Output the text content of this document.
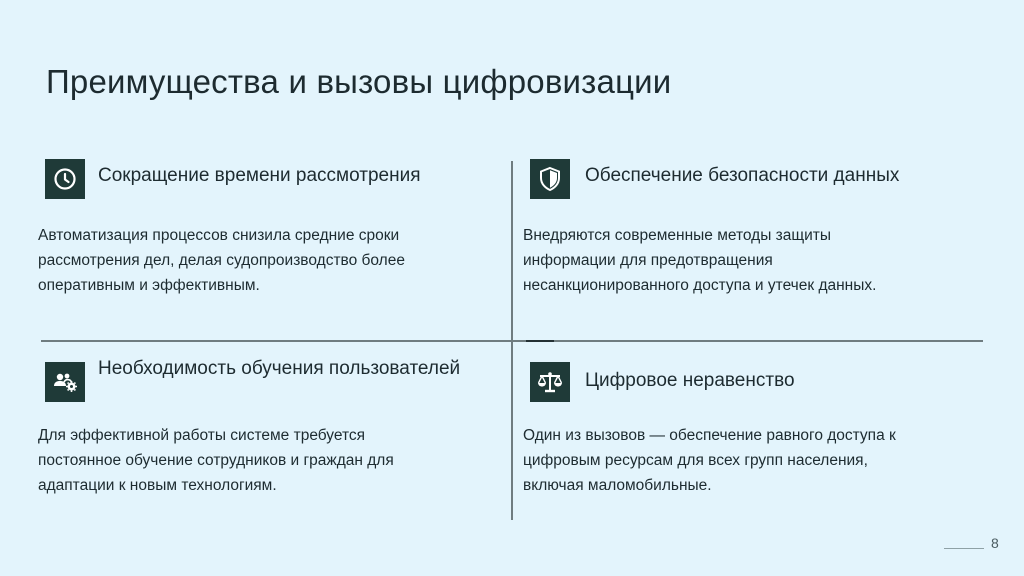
Преимущества и вызовы цифровизации
Сокращение времени рассмотрения
Автоматизация процессов снизила средние сроки
рассмотрения дел, делая судопроизводство более
оперативным и эффективным.
Обеспечение безопасности данных
Внедряются современные методы защиты
информации для предотвращения
несанкционированного доступа и утечек данных.
Необходимость обучения пользователей
Для эффективной работы системе требуется
постоянное обучение сотрудников и граждан для
адаптации к новым технологиям.
Цифровое неравенство
Один из вызовов — обеспечение равного доступа к
цифровым ресурсам для всех групп населения,
включая маломобильные.
8
